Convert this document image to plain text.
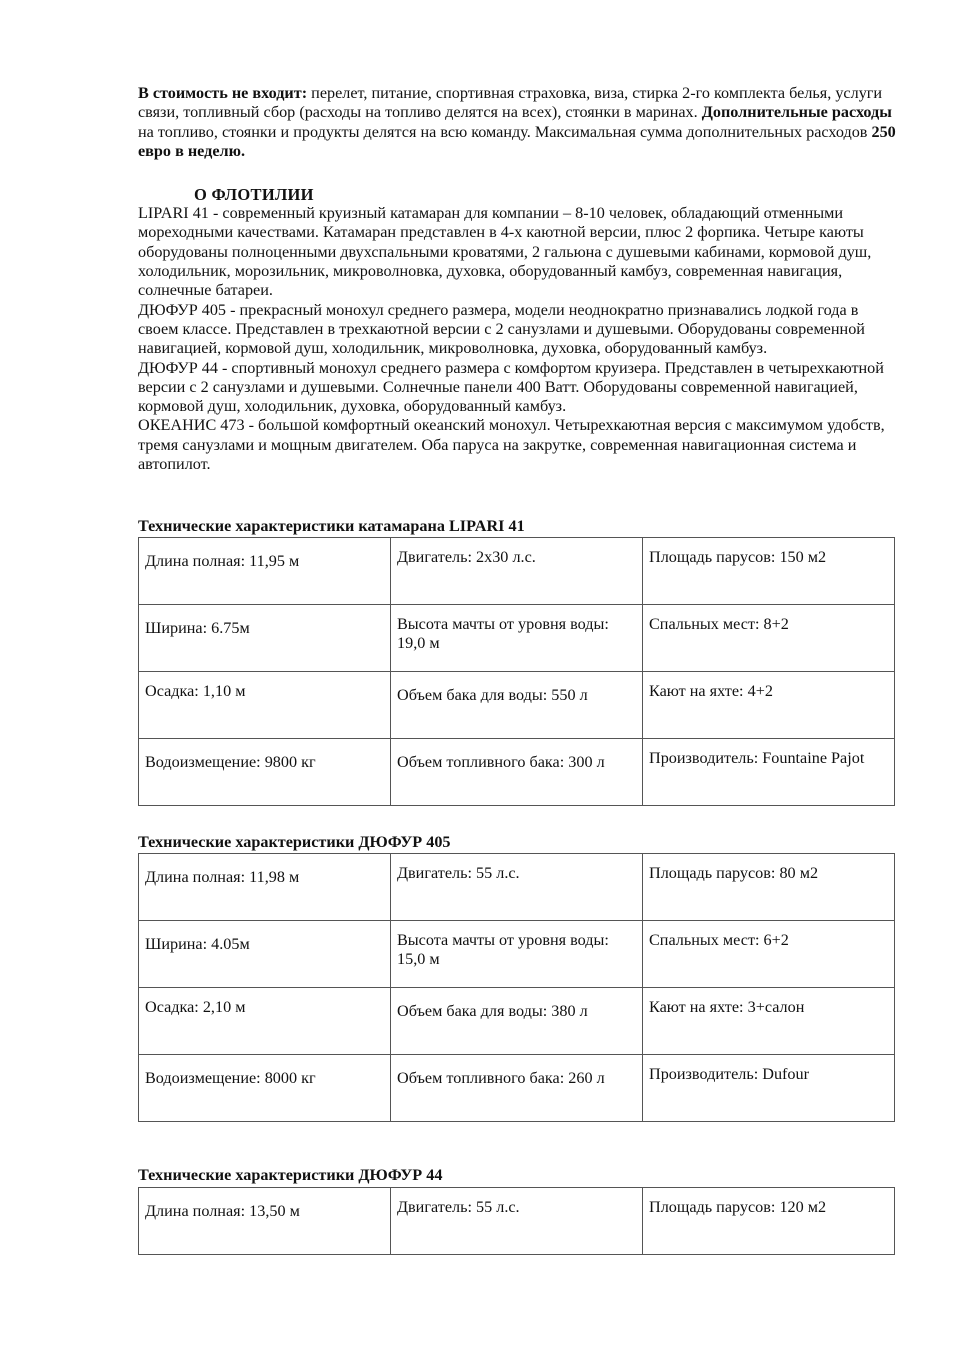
В стоимость не входит: перелет, питание, спортивная страховка, виза, стирка 2-го комплекта белья, услуги связи, топливный сбор (расходы на топливо делятся на всех), стоянки в маринах. Дополнительные расходы на топливо, стоянки и продукты делятся на всю команду. Максимальная сумма дополнительных расходов 250 евро в неделю.

О ФЛОТИЛИИ

LIPARI 41 - современный круизный катамаран для компании – 8-10 человек, обладающий отменными мореходными качествами. Катамаран представлен в 4-х каютной версии, плюс 2 форпика. Четыре каюты оборудованы полноценными двухспальными кроватями, 2 гальюна с душевыми кабинами, кормовой душ, холодильник, морозильник, микроволновка, духовка, оборудованный камбуз, современная навигация, солнечные батареи.

ДЮФУР 405 - прекрасный монохул среднего размера, модели неоднократно признавались лодкой года в своем классе. Представлен в трехкаютной версии с 2 санузлами и душевыми. Оборудованы современной навигацией, кормовой душ, холодильник, микроволновка, духовка, оборудованный камбуз.

ДЮФУР 44 - спортивный монохул среднего размера с комфортом круизера. Представлен в четырехкаютной версии с 2 санузлами и душевыми. Солнечные панели 400 Ватт. Оборудованы современной навигацией, кормовой душ, холодильник, духовка, оборудованный камбуз.

ОКЕАНИС 473 - большой комфортный океанский монохул. Четырехкаютная версия с максимумом удобств, тремя санузлами и мощным двигателем. Оба паруса на закрутке, современная навигационная система и автопилот.

Технические характеристики катамарана LIPARI 41
Длина полная: 11,95 м	Двигатель: 2х30 л.с.	Площадь парусов: 150 м2
Ширина: 6.75м	Высота мачты от уровня воды: 19,0 м	Спальных мест: 8+2
Осадка: 1,10 м	Объем бака для воды: 550 л	Кают на яхте: 4+2
Водоизмещение: 9800 кг	Объем топливного бака: 300 л	Производитель: Fountaine Pajot
Технические характеристики ДЮФУР 405
Длина полная: 11,98 м	Двигатель: 55 л.с.	Площадь парусов: 80 м2
Ширина: 4.05м	Высота мачты от уровня воды: 15,0 м	Спальных мест: 6+2
Осадка: 2,10 м	Объем бака для воды: 380 л	Кают на яхте: 3+салон
Водоизмещение: 8000 кг	Объем топливного бака: 260 л	Производитель: Dufour
Технические характеристики ДЮФУР 44
Длина полная: 13,50 м	Двигатель: 55 л.с.	Площадь парусов: 120 м2
